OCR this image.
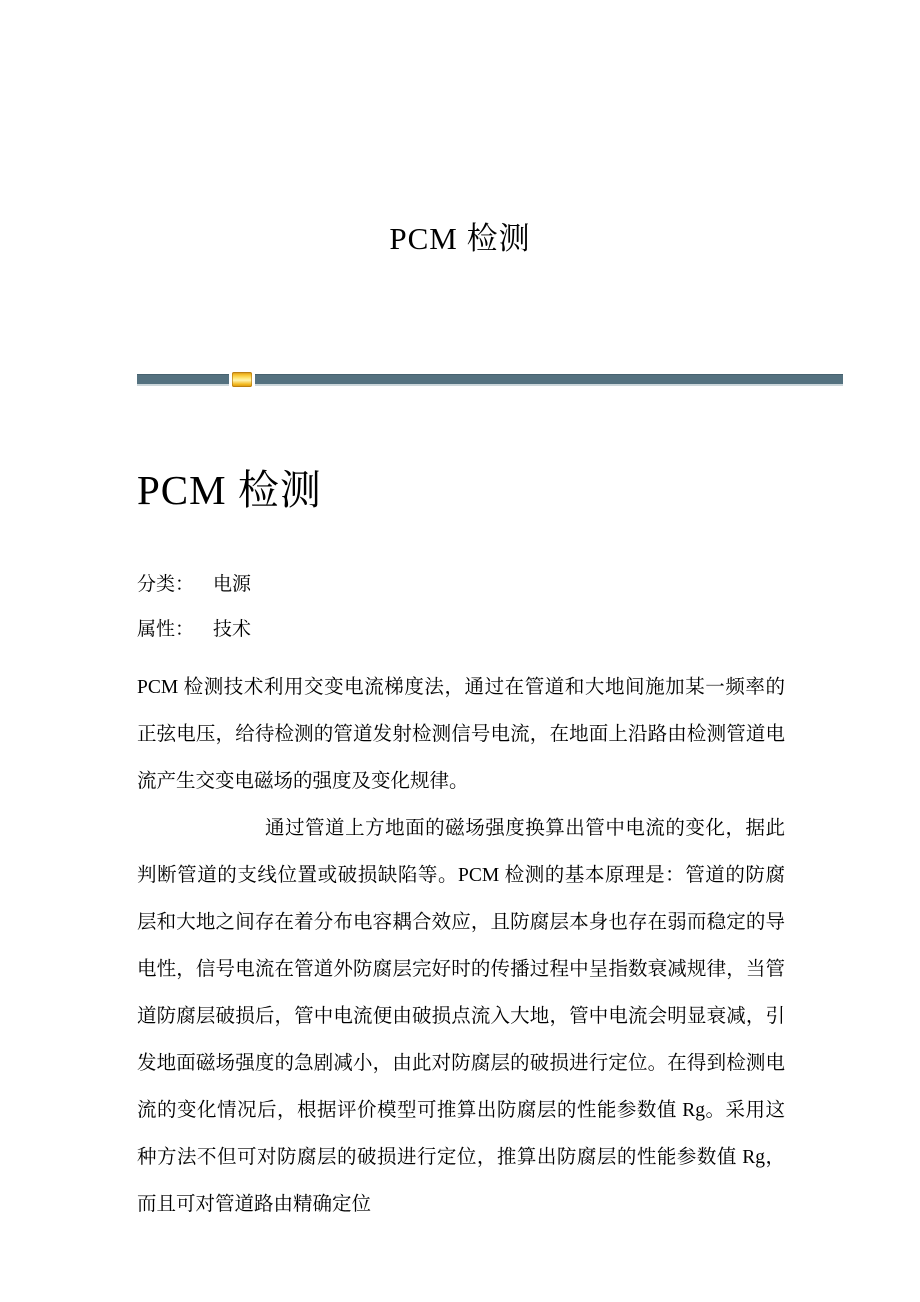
PCM 检测
PCM 检测
分类： 电源
属性： 技术

PCM 检测技术利用交变电流梯度法，通过在管道和大地间施加某一频率的正弦电压，给待检测的管道发射检测信号电流，在地面上沿路由检测管道电流产生交变电磁场的强度及变化规律。

通过管道上方地面的磁场强度换算出管中电流的变化，据此判断管道的支线位置或破损缺陷等。PCM 检测的基本原理是：管道的防腐层和大地之间存在着分布电容耦合效应，且防腐层本身也存在弱而稳定的导电性，信号电流在管道外防腐层完好时的传播过程中呈指数衰减规律，当管道防腐层破损后，管中电流便由破损点流入大地，管中电流会明显衰减，引发地面磁场强度的急剧减小，由此对防腐层的破损进行定位。在得到检测电流的变化情况后，根据评价模型可推算出防腐层的性能参数值 Rg。采用这种方法不但可对防腐层的破损进行定位，推算出防腐层的性能参数值 Rg，而且可对管道路由精确定位
